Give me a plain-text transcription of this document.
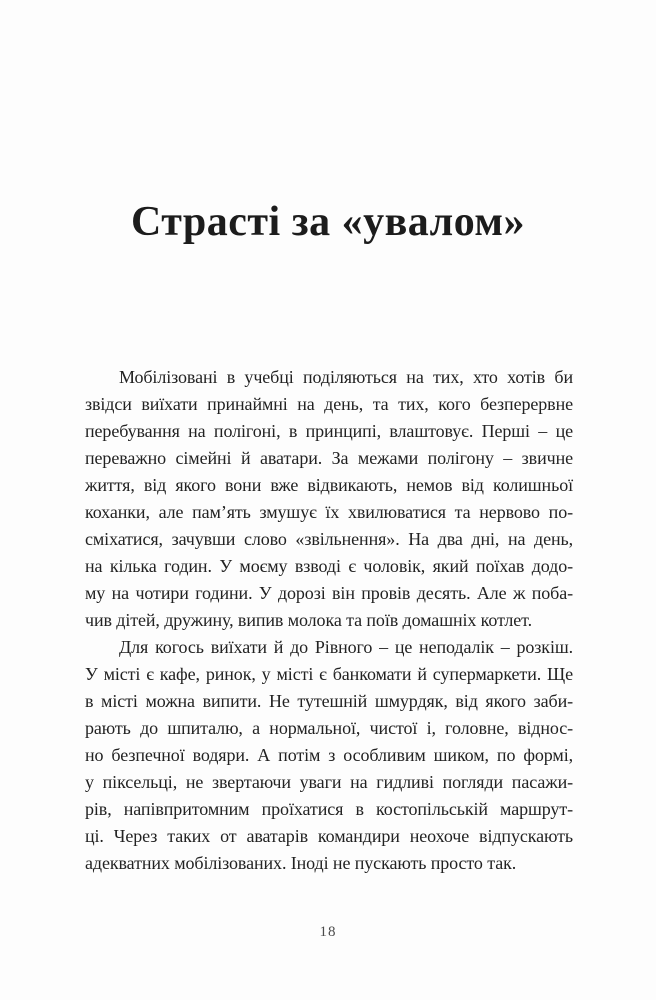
Страсті за «увалом»
Мобілізовані в учебці поділяються на тих, хто хотів би
звідси виїхати принаймні на день, та тих, кого безперервне
перебування на полігоні, в принципі, влаштовує. Перші – це
переважно сімейні й аватари. За межами полігону – звичне
життя, від якого вони вже відвикають, немов від колишньої
коханки, але пам’ять змушує їх хвилюватися та нервово по-
сміхатися, зачувши слово «звільнення». На два дні, на день,
на кілька годин. У моєму взводі є чоловік, який поїхав додо-
му на чотири години. У дорозі він провів десять. Але ж поба-
чив дітей, дружину, випив молока та поїв домашніх котлет.
Для когось виїхати й до Рівного – це неподалік – розкіш.
У місті є кафе, ринок, у місті є банкомати й супермаркети. Ще
в місті можна випити. Не тутешній шмурдяк, від якого заби-
рають до шпиталю, а нормальної, чистої і, головне, віднос-
но безпечної водяри. А потім з особливим шиком, по формі,
у піксельці, не звертаючи уваги на гидливі погляди пасажи-
рів, напівпритомним проїхатися в костопільській маршрут-
ці. Через таких от аватарів командири неохоче відпускають
адекватних мобілізованих. Іноді не пускають просто так.
18
